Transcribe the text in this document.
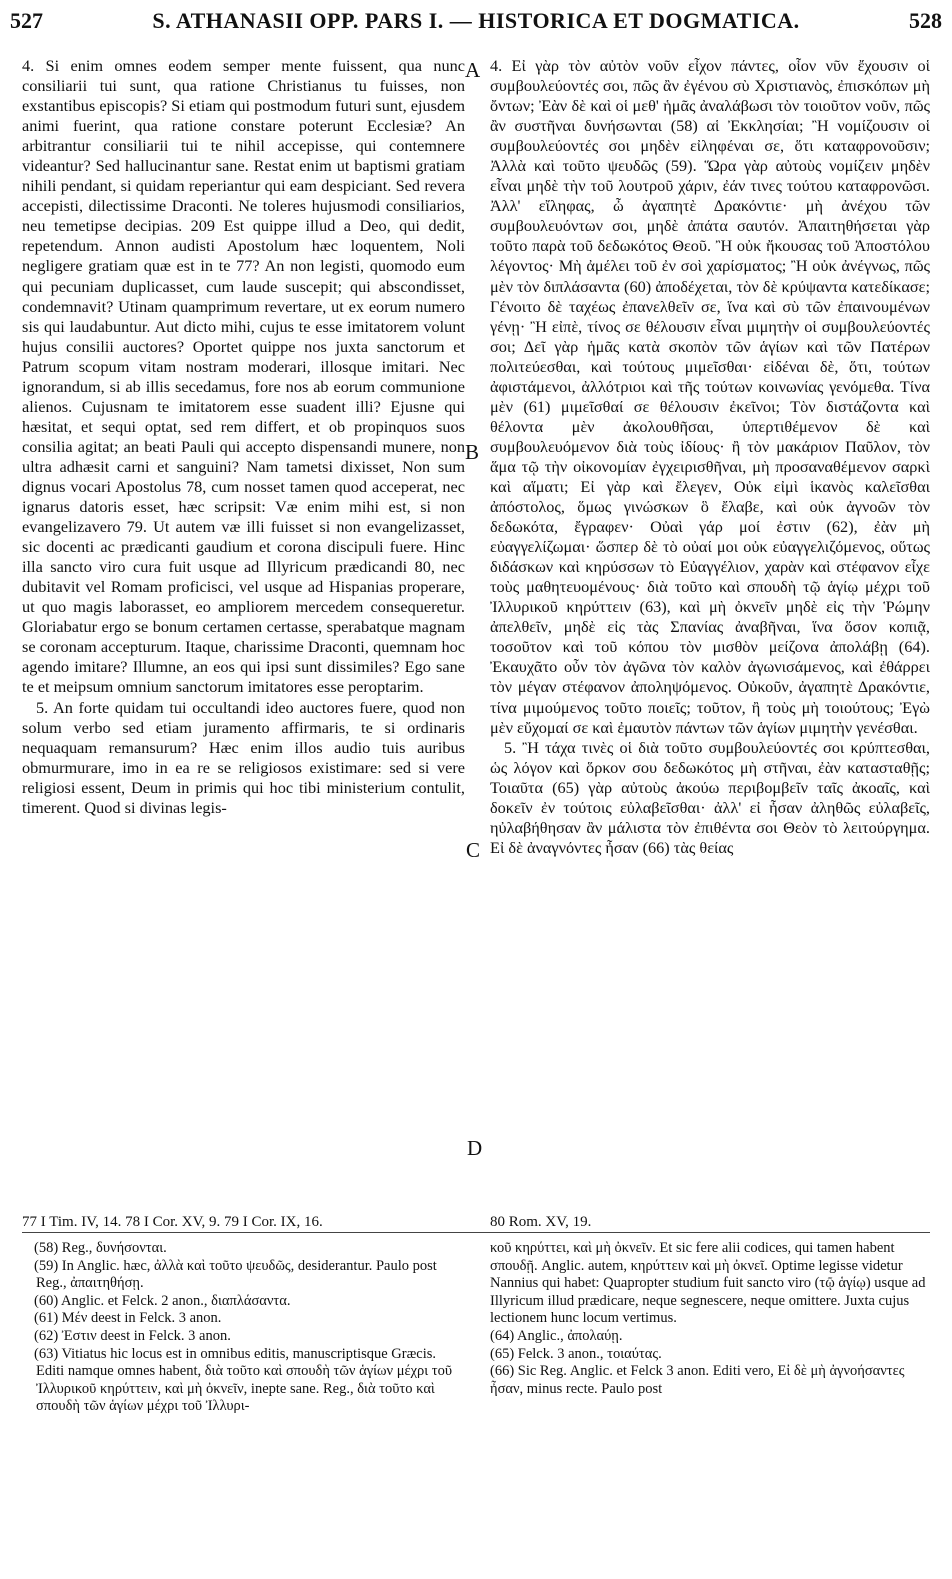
527	S. ATHANASII OPP. PARS I. — HISTORICA ET DOGMATICA.	528

4. Si enim omnes eodem semper mente fuissent, qua nunc consiliarii tui sunt, qua ratione Christianus tu fuisses, non exstantibus episcopis? Si etiam qui postmodum futuri sunt, ejusdem animi fuerint, qua ratione constare poterunt Ecclesiæ? An arbitrantur consiliarii tui te nihil accepisse, qui contemnere videantur? Sed hallucinantur sane. Restat enim ut baptismi gratiam nihili pendant, si quidam reperiantur qui eam despiciant. Sed revera accepisti, dilectissime Draconti. Ne toleres hujusmodi consiliarios, neu temetipse decipias. 209 Est quippe illud a Deo, qui dedit, repetendum. Annon audisti Apostolum hæc loquentem, Noli negligere gratiam quæ est in te 77? An non legisti, quomodo eum qui pecuniam duplicasset, cum laude suscepit; qui abscondisset, condemnavit? Utinam quamprimum revertare, ut ex eorum numero sis qui laudabuntur. Aut dicto mihi, cujus te esse imitatorem volunt hujus consilii auctores? Oportet quippe nos juxta sanctorum et Patrum scopum vitam nostram moderari, illosque imitari. Nec ignorandum, si ab illis secedamus, fore nos ab eorum communione alienos. Cujusnam te imitatorem esse suadent illi? Ejusne qui hæsitat, et sequi optat, sed rem differt, et ob propinquos suos consilia agitat; an beati Pauli qui accepto dispensandi munere, non ultra adhæsit carni et sanguini? Nam tametsi dixisset, Non sum dignus vocari Apostolus 78, cum nosset tamen quod acceperat, nec ignarus datoris esset, hæc scripsit: Væ enim mihi est, si non evangelizavero 79. Ut autem væ illi fuisset si non evangelizasset, sic docenti ac prædicanti gaudium et corona discipuli fuere. Hinc illa sancto viro cura fuit usque ad Illyricum prædicandi 80, nec dubitavit vel Romam proficisci, vel usque ad Hispanias properare, ut quo magis laborasset, eo ampliorem mercedem consequeretur. Gloriabatur ergo se bonum certamen certasse, sperabatque magnam se coronam accepturum. Itaque, charissime Draconti, quemnam hoc agendo imitare? Illumne, an eos qui ipsi sunt dissimiles? Ego sane te et meipsum omnium sanctorum imitatores esse peroptarim.

5. An forte quidam tui occultandi ideo auctores fuere, quod non solum verbo sed etiam juramento affirmaris, te si ordinaris nequaquam remansurum? Hæc enim illos audio tuis auribus obmurmurare, imo in ea re se religiosos existimare: sed si vere religiosi essent, Deum in primis qui hoc tibi ministerium contulit, timerent. Quod si divinas legis-

A
B
C
D

4. Εἰ γὰρ τὸν αὐτὸν νοῦν εἶχον πάντες, οἷον νῦν ἔχουσιν οἱ συμβουλεύοντές σοι, πῶς ἂν ἐγένου σὺ Χριστιανὸς, ἐπισκόπων μὴ ὄντων; Ἐὰν δὲ καὶ οἱ μεθ' ἡμᾶς ἀναλάβωσι τὸν τοιοῦτον νοῦν, πῶς ἂν συστῆναι δυνήσωνται (58) αἱ Ἐκκλησίαι; Ἢ νομίζουσιν οἱ συμβουλεύοντές σοι μηδὲν εἰληφέναι σε, ὅτι καταφρονοῦσιν; Ἀλλὰ καὶ τοῦτο ψευδῶς (59). Ὥρα γὰρ αὐτοὺς νομίζειν μηδὲν εἶναι μηδὲ τὴν τοῦ λουτροῦ χάριν, ἐάν τινες τούτου καταφρονῶσι. Ἀλλ' εἴληφας, ὦ ἀγαπητὲ Δρακόντιε· μὴ ἀνέχου τῶν συμβουλευόντων σοι, μηδὲ ἀπάτα σαυτόν. Ἀπαιτηθήσεται γὰρ τοῦτο παρὰ τοῦ δεδωκότος Θεοῦ. Ἢ οὐκ ἤκουσας τοῦ Ἀποστόλου λέγοντος· Μὴ ἀμέλει τοῦ ἐν σοὶ χαρίσματος; Ἢ οὐκ ἀνέγνως, πῶς μὲν τὸν διπλάσαντα (60) ἀποδέχεται, τὸν δὲ κρύψαντα κατεδίκασε; Γένοιτο δὲ ταχέως ἐπανελθεῖν σε, ἵνα καὶ σὺ τῶν ἐπαινουμένων γένῃ· Ἢ εἰπὲ, τίνος σε θέλουσιν εἶναι μιμητὴν οἱ συμβουλεύοντές σοι; Δεῖ γὰρ ἡμᾶς κατὰ σκοπὸν τῶν ἁγίων καὶ τῶν Πατέρων πολιτεύεσθαι, καὶ τούτους μιμεῖσθαι· εἰδέναι δὲ, ὅτι, τούτων ἀφιστάμενοι, ἀλλότριοι καὶ τῆς τούτων κοινωνίας γενόμεθα. Τίνα μὲν (61) μιμεῖσθαί σε θέλουσιν ἐκεῖνοι; Τὸν διστάζοντα καὶ θέλοντα μὲν ἀκολουθῆσαι, ὑπερτιθέμενον δὲ καὶ συμβουλευόμενον διὰ τοὺς ἰδίους· ἢ τὸν μακάριον Παῦλον, τὸν ἅμα τῷ τὴν οἰκονομίαν ἐγχειρισθῆναι, μὴ προσαναθέμενον σαρκὶ καὶ αἵματι; Εἰ γὰρ καὶ ἔλεγεν, Οὐκ εἰμὶ ἱκανὸς καλεῖσθαι ἀπόστολος, ὅμως γινώσκων ὃ ἔλαβε, καὶ οὐκ ἀγνοῶν τὸν δεδωκότα, ἔγραφεν· Οὐαὶ γάρ μοί ἐστιν (62), ἐὰν μὴ εὐαγγελίζωμαι· ὥσπερ δὲ τὸ οὐαί μοι οὐκ εὐαγγελιζόμενος, οὕτως διδάσκων καὶ κηρύσσων τὸ Εὐαγγέλιον, χαρὰν καὶ στέφανον εἶχε τοὺς μαθητευομένους· διὰ τοῦτο καὶ σπουδὴ τῷ ἁγίῳ μέχρι τοῦ Ἰλλυρικοῦ κηρύττειν (63), καὶ μὴ ὀκνεῖν μηδὲ εἰς τὴν Ῥώμην ἀπελθεῖν, μηδὲ εἰς τὰς Σπανίας ἀναβῆναι, ἵνα ὅσον κοπιᾷ, τοσοῦτον καὶ τοῦ κόπου τὸν μισθὸν μείζονα ἀπολάβῃ (64). Ἐκαυχᾶτο οὖν τὸν ἀγῶνα τὸν καλὸν ἀγωνισάμενος, καὶ ἐθάρρει τὸν μέγαν στέφανον ἀποληψόμενος. Οὐκοῦν, ἀγαπητὲ Δρακόντιε, τίνα μιμούμενος τοῦτο ποιεῖς; τοῦτον, ἢ τοὺς μὴ τοιούτους; Ἐγὼ μὲν εὔχομαί σε καὶ ἐμαυτὸν πάντων τῶν ἁγίων μιμητὴν γενέσθαι.

5. Ἢ τάχα τινὲς οἱ διὰ τοῦτο συμβουλεύοντές σοι κρύπτεσθαι, ὡς λόγον καὶ ὅρκον σου δεδωκότος μὴ στῆναι, ἐὰν κατασταθῇς; Τοιαῦτα (65) γὰρ αὐτοὺς ἀκούω περιβομβεῖν ταῖς ἀκοαῖς, καὶ δοκεῖν ἐν τούτοις εὐλαβεῖσθαι· ἀλλ' εἰ ἦσαν ἀληθῶς εὐλαβεῖς, ηὐλαβήθησαν ἂν μάλιστα τὸν ἐπιθέντα σοι Θεὸν τὸ λειτούργημα. Εἰ δὲ ἀναγνόντες ἦσαν (66) τὰς θείας

77 I Tim. IV, 14. 78 I Cor. XV, 9. 79 I Cor. IX, 16.	80 Rom. XV, 19.

(58) Reg., δυνήσονται.

(59) In Anglic. hæc, ἀλλὰ καὶ τοῦτο ψευδῶς, desiderantur. Paulo post Reg., ἀπαιτηθήσῃ.

(60) Anglic. et Felck. 2 anon., διαπλάσαντα.

(61) Μέν deest in Felck. 3 anon.

(62) Ἐστιν deest in Felck. 3 anon.

(63) Vitiatus hic locus est in omnibus editis, manuscriptisque Græcis. Editi namque omnes habent, διὰ τοῦτο καὶ σπουδὴ τῶν ἁγίων μέχρι τοῦ Ἰλλυρικοῦ κηρύττειν, καὶ μὴ ὀκνεῖν, inepte sane. Reg., διὰ τοῦτο καὶ σπουδὴ τῶν ἁγίων μέχρι τοῦ Ἰλλυρι-

κοῦ κηρύττει, καὶ μὴ ὀκνεῖν. Et sic fere alii codices, qui tamen habent σπουδῇ. Anglic. autem, κηρύττειν καὶ μὴ ὀκνεῖ. Optime legisse videtur Nannius qui habet: Quapropter studium fuit sancto viro (τῷ ἁγίῳ) usque ad Illyricum illud prædicare, neque segnescere, neque omittere. Juxta cujus lectionem hunc locum vertimus.

(64) Anglic., ἀπολαύῃ.

(65) Felck. 3 anon., τοιαύτας.

(66) Sic Reg. Anglic. et Felck 3 anon. Editi vero, Εἰ δὲ μὴ ἀγνοήσαντες ἦσαν, minus recte. Paulo post
